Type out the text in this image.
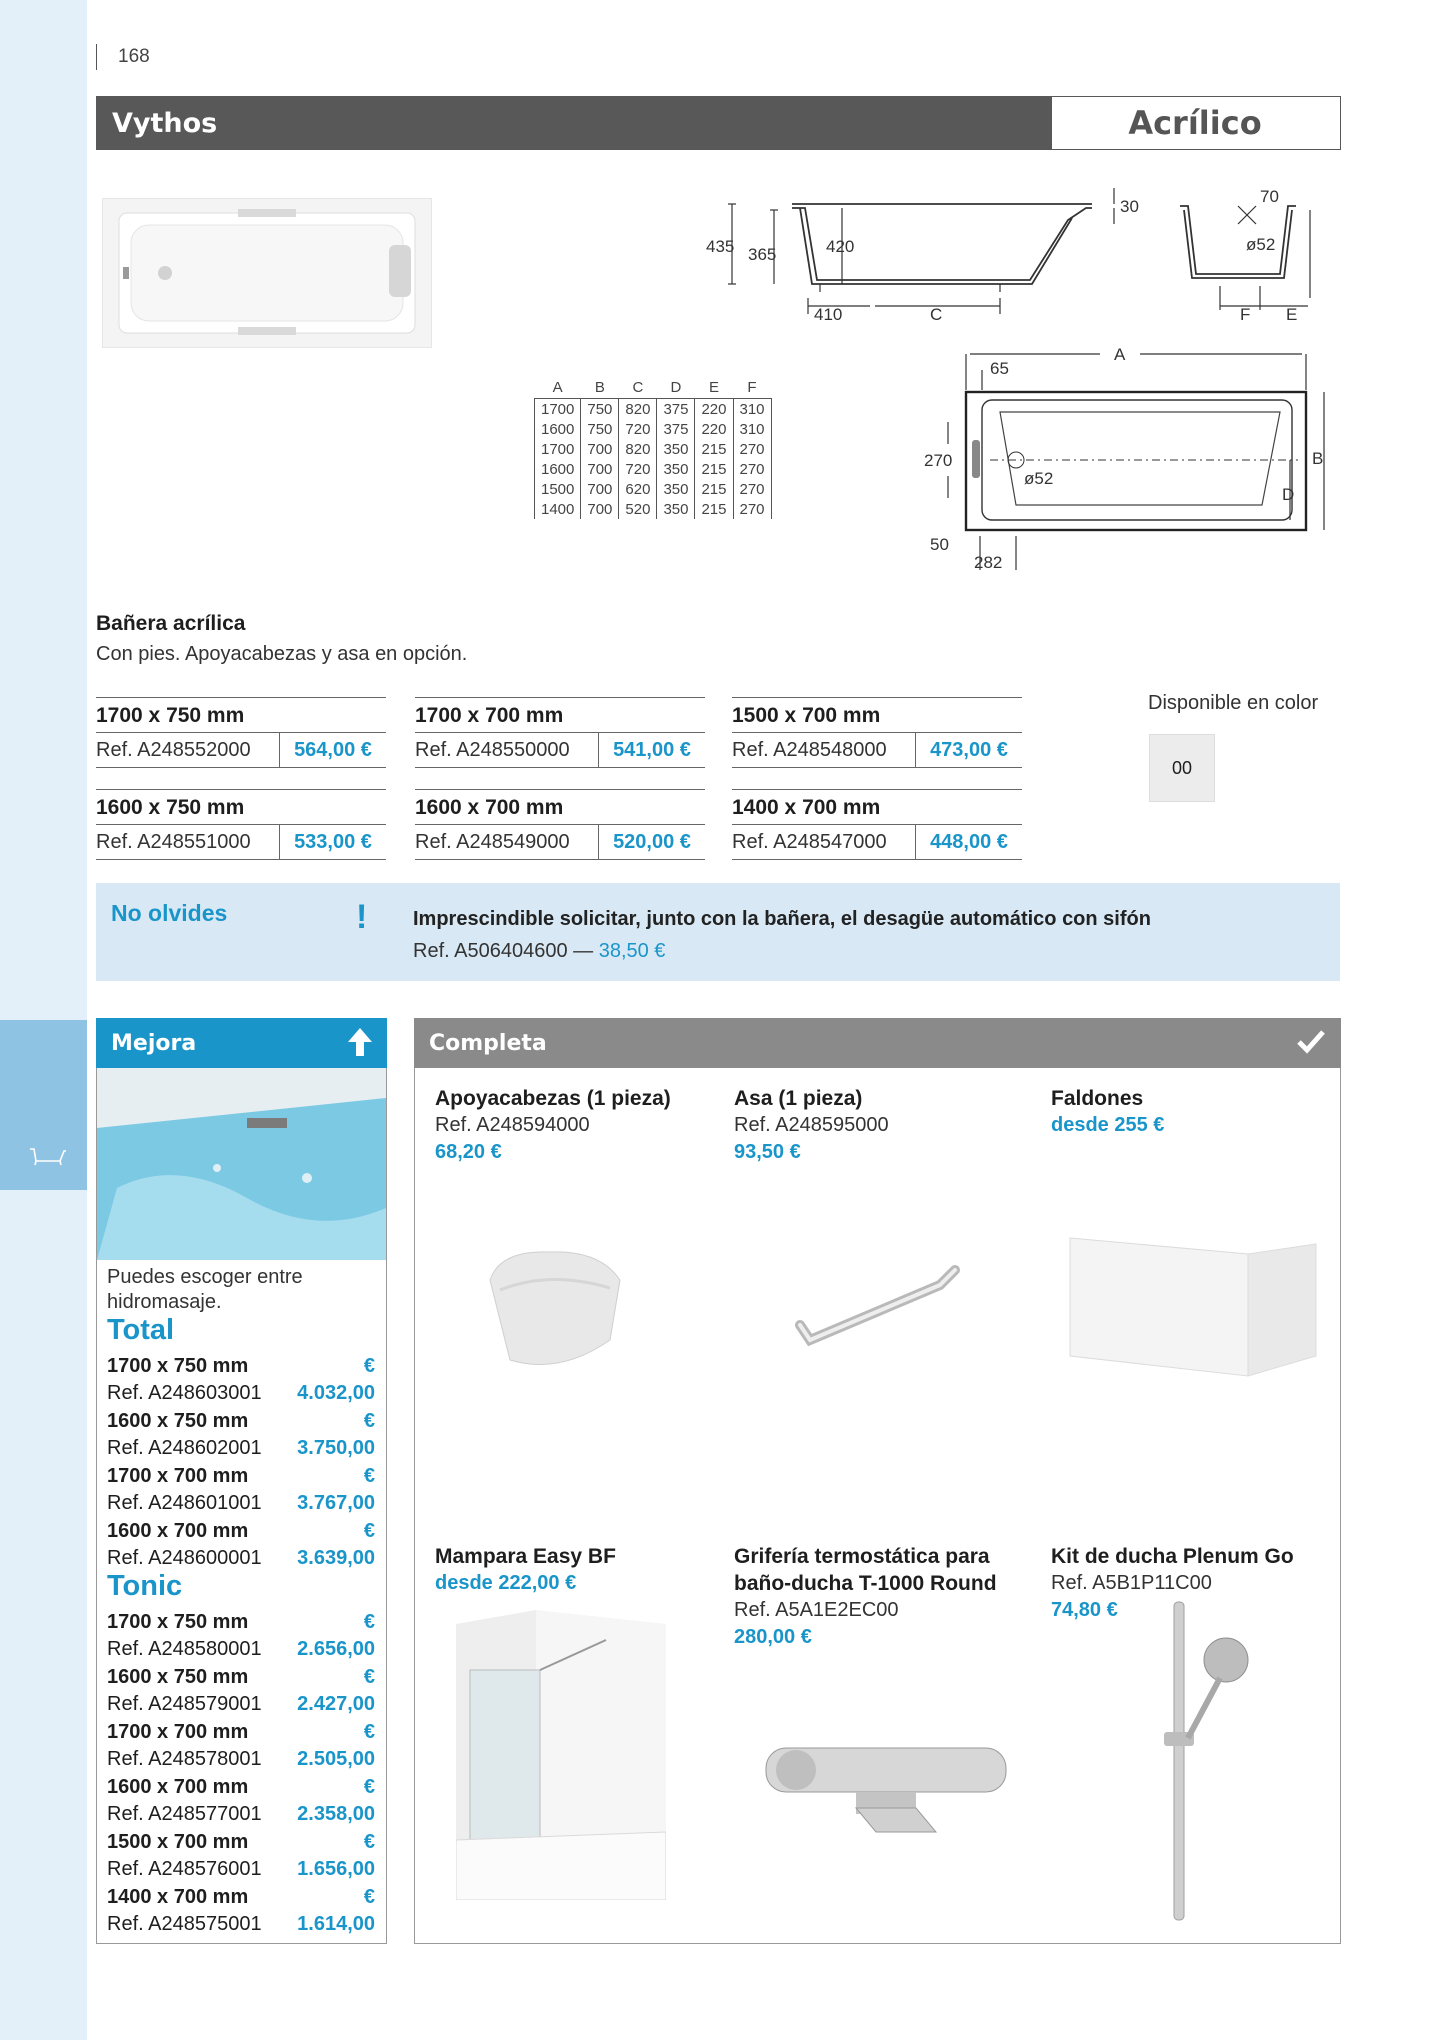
168
Vythos	Acrílico
435 365	420
410	C
30
70
ø52
F E
A
65
270
ø52
B
D
50
282
A	B	C	D	E	F
1700	750	820	375	220	310
1600	750	720	375	220	310
1700	700	820	350	215	270
1600	700	720	350	215	270
1500	700	620	350	215	270
1400	700	520	350	215	270
Bañera acrílica
Con pies. Apoyacabezas y asa en opción.
1700 x 750 mm
Ref. A248552000	564,00 €
1700 x 700 mm
Ref. A248550000	541,00 €
1500 x 700 mm
Ref. A248548000	473,00 €
1600 x 750 mm
Ref. A248551000	533,00 €
1600 x 700 mm
Ref. A248549000	520,00 €
1400 x 700 mm
Ref. A248547000	448,00 €
Disponible en color
00
No olvides	! Imprescindible solicitar, junto con la bañera, el desagüe automático con sifón
Ref. A506404600 — 38,50 €
Mejora
Puedes escoger entre hidromasaje.
Total
1700 x 750 mm	€
Ref. A248603001 4.032,00
1600 x 750 mm	€
Ref. A248602001 3.750,00
1700 x 700 mm	€
Ref. A248601001 3.767,00
1600 x 700 mm	€
Ref. A248600001 3.639,00
Tonic
1700 x 750 mm	€
Ref. A248580001 2.656,00
1600 x 750 mm	€
Ref. A248579001 2.427,00
1700 x 700 mm	€
Ref. A248578001 2.505,00
1600 x 700 mm	€
Ref. A248577001 2.358,00
1500 x 700 mm	€
Ref. A248576001 1.656,00
1400 x 700 mm	€
Ref. A248575001 1.614,00
Completa
Apoyacabezas (1 pieza)
Ref. A248594000
68,20 €
Asa (1 pieza)
Ref. A248595000
93,50 €
Faldones
desde 255 €
Mampara Easy BF
desde 222,00 €
Grifería termostática para baño-ducha T-1000 Round
Ref. A5A1E2EC00
280,00 €
Kit de ducha Plenum Go
Ref. A5B1P11C00
74,80 €
